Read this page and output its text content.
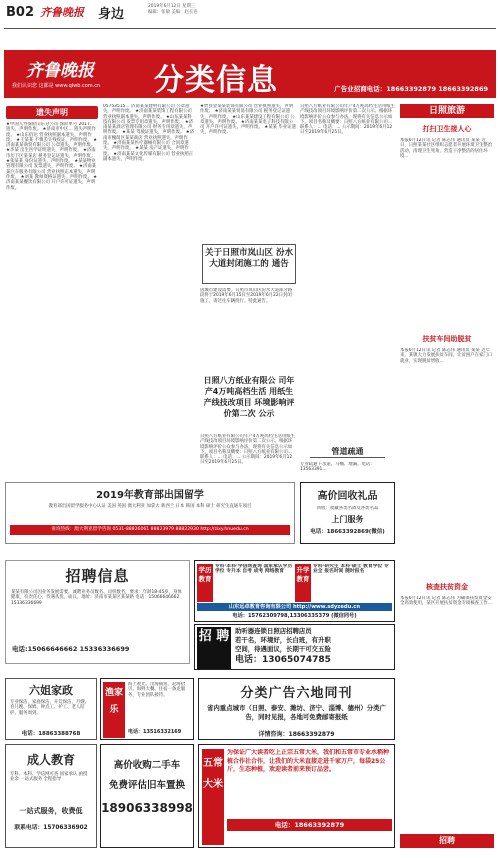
B02 齐鲁晚报 身边
2019年6月12日 星期三
编辑：张敏 美编：赵长连
齐鲁晚报
我们认识您 这都是 www.qlwb.com.cn 分类信息	广告业招商电话：18663392879 18663392869
遗失声明
★中国人寿保险山东分公司 保险单号 2017...遗失，声明作废。 ★济南市中区... 遗失声明作废。 ★山东佰达 营业执照副本遗失，声明作废。 ★王某某 不慎丢失残疾证，声明作废。 ★济南某某商贸有限公司 公章遗失，声明作废。 ★李某 出生医学证明遗失，声明作废。 ★济南市历下区某某店 税务登记证遗失，声明作废。 ★张某某 身份证遗失，声明作废。 ★某某物业管理有限公司 发票遗失，声明作废。 ★济南某某汽车服务有限公司 营业执照正本遗失，声明作废。 ★刘某 教师资格证遗失，声明作废。 ★济南某某餐饮有限公司 开户许可证遗失，声明作废。
05753515... 济南某某建材有限公司 公章遗失，声明作废。 ★济南某某装饰工程有限公司 营业执照副本遗失，声明作废。 ★山东某某科技有限公司 发票专用章遗失，声明作废。 ★济南某某酒店管理有限公司 财务专用章遗失，声明作废。 ★某某 驾驶证遗失，声明作废。 ★济南市槐荫区某某商店 营业执照遗失，声明作废。 ★济南某某医疗器械有限公司 合同章遗失，声明作废。 ★某某 房产证遗失，声明作废。 ★济南某某文化传媒有限公司 营业执照正副本遗失，声明作废。
★贾县金某某装饰有限公司 营业执照遗失，声明作废。 ★济南某某贸易有限公司 税务登记证遗失，声明作废。 ★山东某某建设工程有限公司 公章遗失，声明作废。 ★济南某某电子科技有限公司 开户许可证遗失，声明作废。 ★某某 毕业证遗失，声明作废。
关于日照市岚山区 汾水大道封闭施工的 通告
因城市建设需要，日照市岚山区汾水大道部分路段将于2019年6月15日至2019年6月22日封闭施工，请过往车辆绕行。特此通告。
日照八方纸业有限公 司年产4万吨高档生活 用纸生产线技改项目 环境影响评价第二次 公示
日照八方纸业有限公司年产4万吨高档生活用纸生产线技改项目环境影响评价第二次公示。根据环境影响评价公众参与办法，现将有关信息公示如下。项目名称及概要：日照八方纸业有限公司... 联系人：... 电话：... 公示期间：2019年6月12日至2019年6月25日。
日照八方纸业有限公司年产4万吨高档生活用纸生产线技改项目环境影响评价第二次公示。根据环境影响评价公众参与办法，现将有关信息公示如下。项目名称及概要：日照八方纸业有限公司... 联系人：... 电话：... 公示期间：2019年6月12日至2019年6月25日。
管道疏通
专业疏通下水道、马桶、地漏。电话：13563391...
日照旅游
打扫卫生接人心
本报6月12日讯 记者 陈志伟 通讯员 某某 近日，日照某某社区组织志愿者开展环境卫生整治活动，清理卫生死角，营造干净整洁的居住环境...
扶贫车间助脱贫
本报6月12日讯 记者 陈志伟 通讯员 某某 近年来，某镇大力发展扶贫车间，让贫困户在家门口就业，实现脱贫增收...
核查扶贫资金
本报6月12日讯 记者 陈志伟 为确保扶贫资金安全高效使用，某区开展扶贫资金专项核查工作...
招聘
2019年教育部出国留学
教育部出国留学服务中心认证 美国 英国 澳大利亚 加拿大 新西兰 日本 韩国 本科 硕士 研究生直通车项目
垂询热线：澳大利亚留学咨询 0531-88826061 88823979 88822930 http://zixy.hnuedu.cn
高价回收礼品
回收：收藏各类名酒及各类名品
上门服务
电话：18663392869(微信)
招聘信息
某某有限公司因业务发展需要，诚聘业务员数名、司机数名，要求：年龄18-45岁，身体健康，有责任心，待遇从优，面议。地址：济南市某某区某某路 电话：15066646662 15336336699
电话:15066646662 15336336699
学历教育
专科·本科·学信网查询 国家承认学历 学位 专升本 自考 成考 网络教育	升学教育
专科·研究生 本科·硕士 教育学位 专业全 报名时间 随时报名
山东远卓教育咨询有限公司 http://www.sdyzedu.cn
电话：15762309798,13306335379 (微信同号)
招 聘 助听器连锁日照店招聘店员
若干名，环境好，长白班，有升职
空间，待遇面议，长期干可交五险
电话：13065074785
六姐家政
专业保洁、家庭保洁、开荒保洁、月嫂、育儿嫂、保姆、钟点工、护工、老人陪护，服务周到。
电话：18863388768
渔家乐
海上观光、出海捕鱼、赶海拾贝、海鲜大餐、住宿一条龙服务，专业团队接待。
电话：13516332169
分类广告六地同刊
省内重点城市（日照、泰安、潍坊、济宁、淄博、德州）分类广告，同时见报，各地可免费邮寄报纸
详情咨询：18663392879
成人教育
专科、本科、学信网可查 国家承认 函授 业余 一站式服务 全程指导
一站式服务，收费低
联系电话：15706336902
高价收购二手车
免费评估旧车置换
18906338998
五常大米
为保证广大读者吃上正宗五常大米，我们和五常市专业水稻种植合作社合作，让我们的大米直接走进千家万户，每袋25公斤，生态种植，欢迎读者前来预订品尝。
电话：18663392879
